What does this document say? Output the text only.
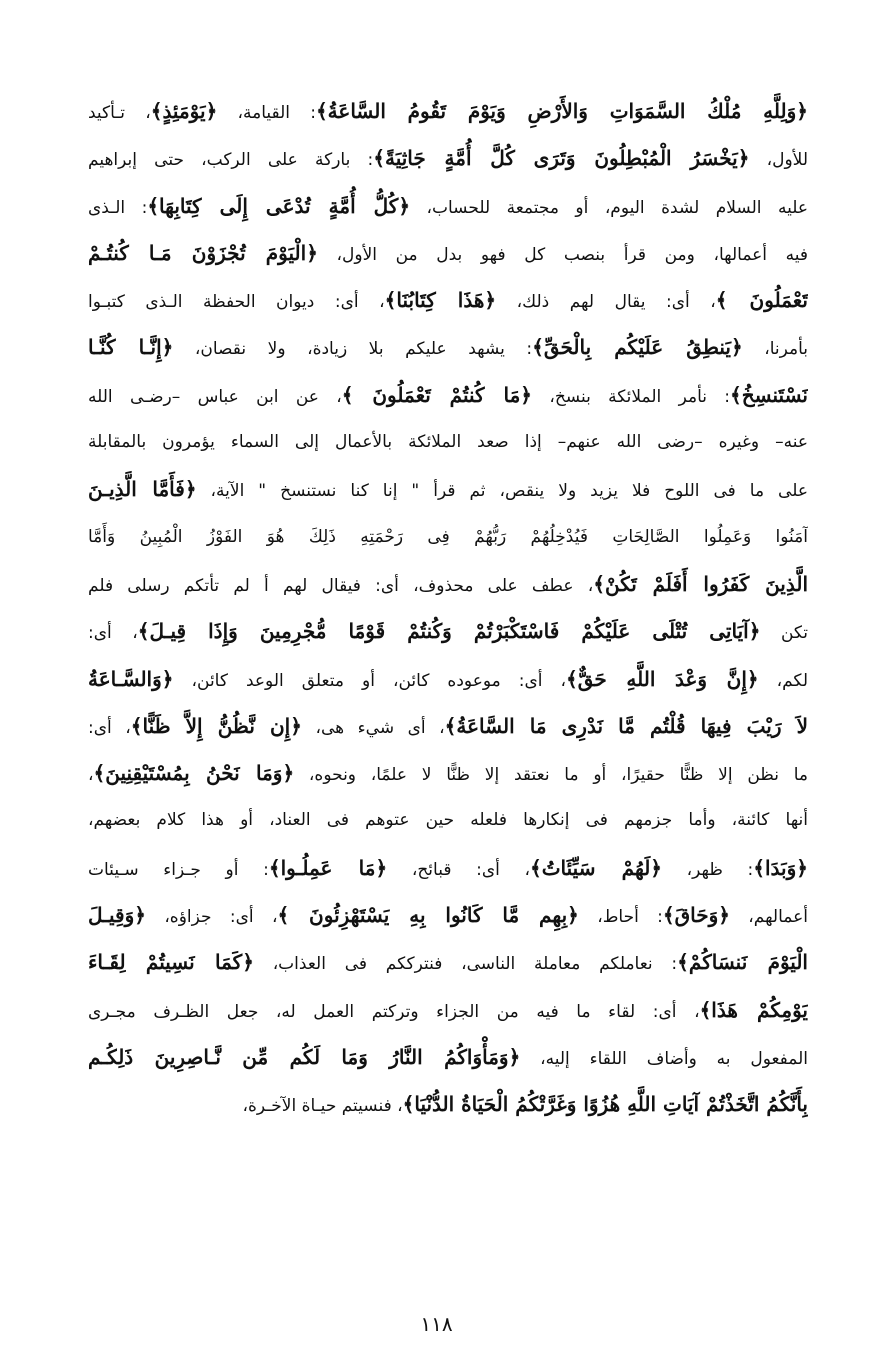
﴿وَلِلَّهِ مُلْكُ السَّمَوَاتِ وَالأَرْضِ وَيَوْمَ تَقُومُ السَّاعَةُ﴾: القيامة، ﴿يَوْمَئِذٍ﴾، تـأكيد
للأول، ﴿يَخْسَرُ الْمُبْطِلُونَ وَتَرَى كُلَّ أُمَّةٍ جَاثِيَةً﴾: باركة على الركب، حتى إبراهيم
عليه السلام لشدة اليوم، أو مجتمعة للحساب، ﴿كُلُّ أُمَّةٍ تُدْعَى إِلَى كِتَابِهَا﴾: الـذى
فيه أعمالها، ومن قرأ بنصب كل فهو بدل من الأول، ﴿الْيَوْمَ تُجْزَوْنَ مَـا كُنتُـمْ
تَعْمَلُونَ ﴾، أى: يقال لهم ذلك، ﴿هَذَا كِتَابُنَا﴾، أى: ديوان الحفظة الـذى كتبـوا
بأمرنا، ﴿يَنطِقُ عَلَيْكُم بِالْحَقِّ﴾: يشهد عليكم بلا زيادة، ولا نقصان، ﴿إِنَّـا كُنَّـا
نَسْتَنسِخُ﴾: نأمر الملائكة بنسخ، ﴿مَا كُنتُمْ تَعْمَلُونَ ﴾، عن ابن عباس –رضـى الله
عنه– وغيره –رضى الله عنهم– إذا صعد الملائكة بالأعمال إلى السماء يؤمرون بالمقابلة
على ما فى اللوح فلا يزيد ولا ينقص، ثم قرأ " إنا كنا نستنسخ " الآية، ﴿فَأَمَّا الَّذِيـنَ
آمَنُوا وَعَمِلُوا الصَّالِحَاتِ فَيُدْخِلُهُمْ رَبُّهُمْ فِى رَحْمَتِهِ ذَلِكَ هُوَ الفَوْزُ الْمُبِينُ وَأَمَّا
الَّذِينَ كَفَرُوا أَفَلَمْ تَكُنْ﴾، عطف على محذوف، أى: فيقال لهم أ لم تأتكم رسلى فلم
تكن ﴿آيَاتِى تُتْلَى عَلَيْكُمْ فَاسْتَكْبَرْتُمْ وَكُنتُمْ قَوْمًا مُّجْرِمِينَ وَإِذَا قِيـلَ﴾، أى:
لكم، ﴿إِنَّ وَعْدَ اللَّهِ حَقٌّ﴾، أى: موعوده كائن، أو متعلق الوعد كائن، ﴿وَالسَّـاعَةُ
لاَ رَيْبَ فِيهَا قُلْتُم مَّا نَدْرِى مَا السَّاعَةُ﴾، أى شيء هى، ﴿إِن نَّظُنُّ إِلاَّ ظَنًّا﴾، أى:
ما نظن إلا ظنًّا حقيرًا، أو ما نعتقد إلا ظنًّا لا علمًا، ونحوه، ﴿وَمَا نَحْنُ بِمُسْتَيْقِنِينَ﴾،
أنها كائنة، وأما جزمهم فى إنكارها فلعله حين عتوهم فى العناد، أو هذا كلام بعضهم،
﴿وَبَدَا﴾: ظهر، ﴿لَهُمْ سَيِّئَاتُ﴾، أى: قبائح، ﴿مَا عَمِلُـوا﴾: أو جـزاء سـيئات
أعمالهم، ﴿وَحَاقَ﴾: أحاط، ﴿بِهِم مَّا كَانُوا بِهِ يَسْتَهْزِئُونَ ﴾، أى: جزاؤه، ﴿وَقِيـلَ
الْيَوْمَ نَنسَاكُمْ﴾: نعاملكم معاملة الناسى، فنترككم فى العذاب، ﴿كَمَا نَسِيتُمْ لِقَـاءَ
يَوْمِكُمْ هَذَا﴾، أى: لقاء ما فيه من الجزاء وتركتم العمل له، جعل الظـرف مجـرى
المفعول به وأضاف اللقاء إليه، ﴿وَمَأْوَاكُمُ النَّارُ وَمَا لَكُم مِّن نَّـاصِرِينَ ذَلِكُـم
بِأَنَّكُمُ اتَّخَذْتُمْ آيَاتِ اللَّهِ هُزُوًا وَغَرَّتْكُمُ الْحَيَاةُ الدُّنْيَا﴾، فنسيتم حيـاة الآخـرة،
١١٨
